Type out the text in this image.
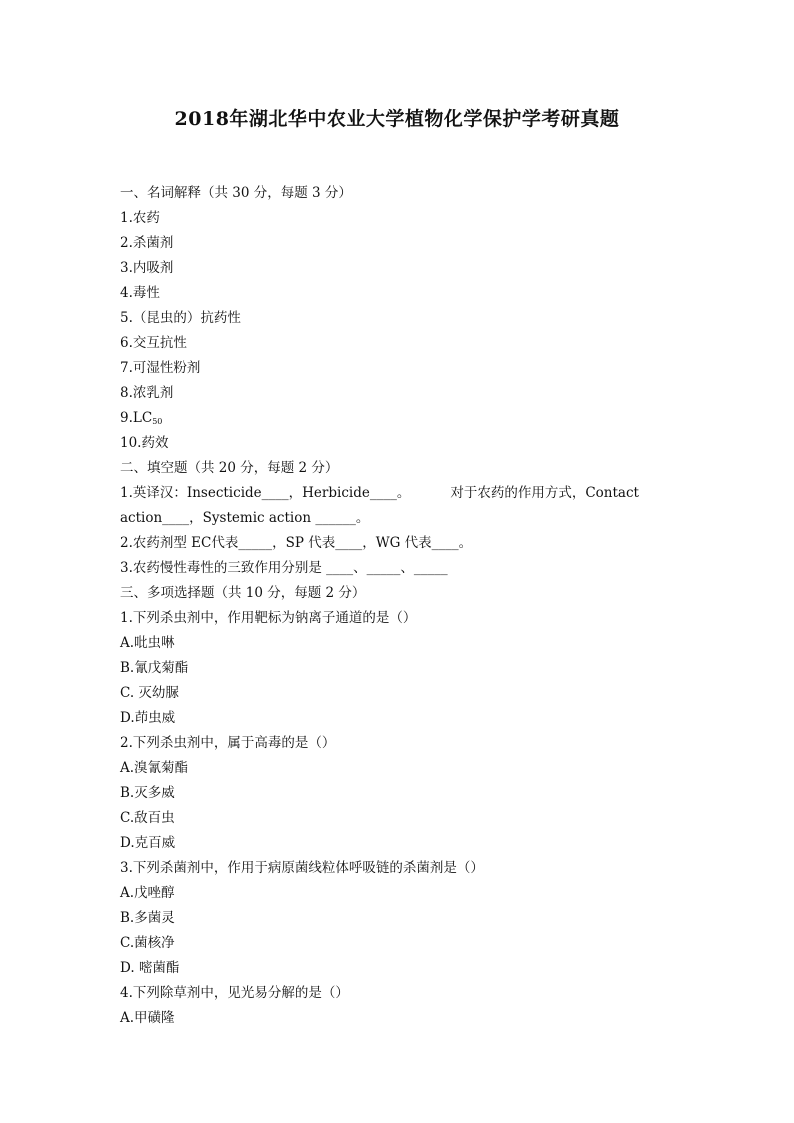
2018年湖北华中农业大学植物化学保护学考研真题
一、名词解释（共 30 分，每题 3 分）
1.农药
2.杀菌剂
3.内吸剂
4.毒性
5.（昆虫的）抗药性
6.交互抗性
7.可湿性粉剂
8.浓乳剂
$9.LC_{50}$
10.药效
二、填空题（共 20 分，每题 2 分）
1.英译汉：Insecticide____，Herbicide____。	对于农药的作用方式，Contact
action____，Systemic action ______。
2.农药剂型 EC代表_____，SP 代表____，WG 代表____。
3.农药慢性毒性的三致作用分别是 ____、_____、_____
三、多项选择题（共 10 分，每题 2 分）
1.下列杀虫剂中，作用靶标为钠离子通道的是（）
A.吡虫啉
B.氰戊菊酯
C. 灭幼脲
D.茚虫威
2.下列杀虫剂中，属于高毒的是（）
A.溴氰菊酯
B.灭多威
C.敌百虫
D.克百威
3.下列杀菌剂中，作用于病原菌线粒体呼吸链的杀菌剂是（）
A.戊唑醇
B.多菌灵
C.菌核净
D. 嘧菌酯
4.下列除草剂中，见光易分解的是（）
A.甲磺隆
